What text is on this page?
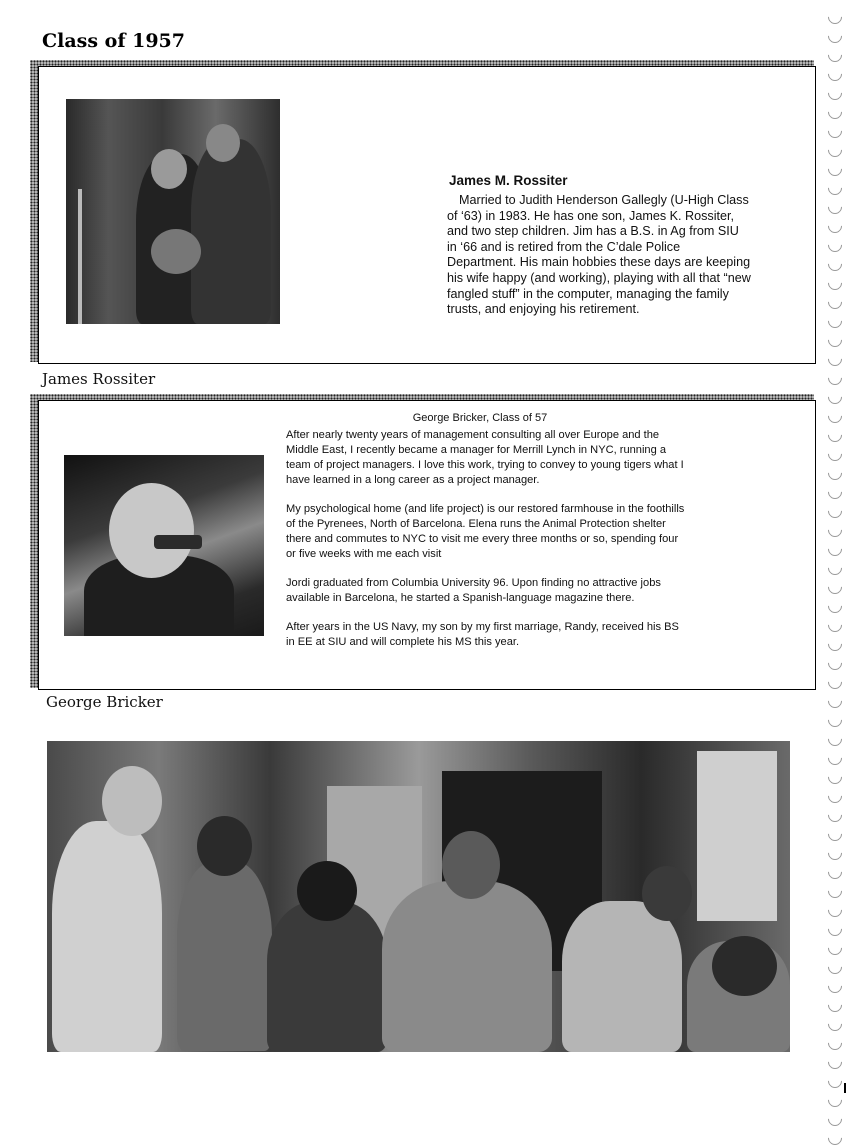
Class of 1957
James M. Rossiter
Married to Judith Henderson Gallegly (U-High Class of ‘63) in 1983. He has one son, James K. Rossiter, and two step children. Jim has a B.S. in Ag from SIU in ‘66 and is retired from the C’dale Police Department. His main hobbies these days are keeping his wife happy (and working), playing with all that “new fangled stuff” in the computer, managing the family trusts, and enjoying his retirement.
James Rossiter
George Bricker, Class of 57

After nearly twenty years of management consulting all over Europe and the Middle East, I recently became a manager for Merrill Lynch in NYC, running a team of project managers. I love this work, trying to convey to young tigers what I have learned in a long career as a project manager.

My psychological home (and life project) is our restored farmhouse in the foothills of the Pyrenees, North of Barcelona. Elena runs the Animal Protection shelter there and commutes to NYC to visit me every three months or so, spending four or five weeks with me each visit

Jordi graduated from Columbia University 96. Upon finding no attractive jobs available in Barcelona, he started a Spanish-language magazine there.

After years in the US Navy, my son by my first marriage, Randy, received his BS in EE at SIU and will complete his MS this year.

George Bricker
